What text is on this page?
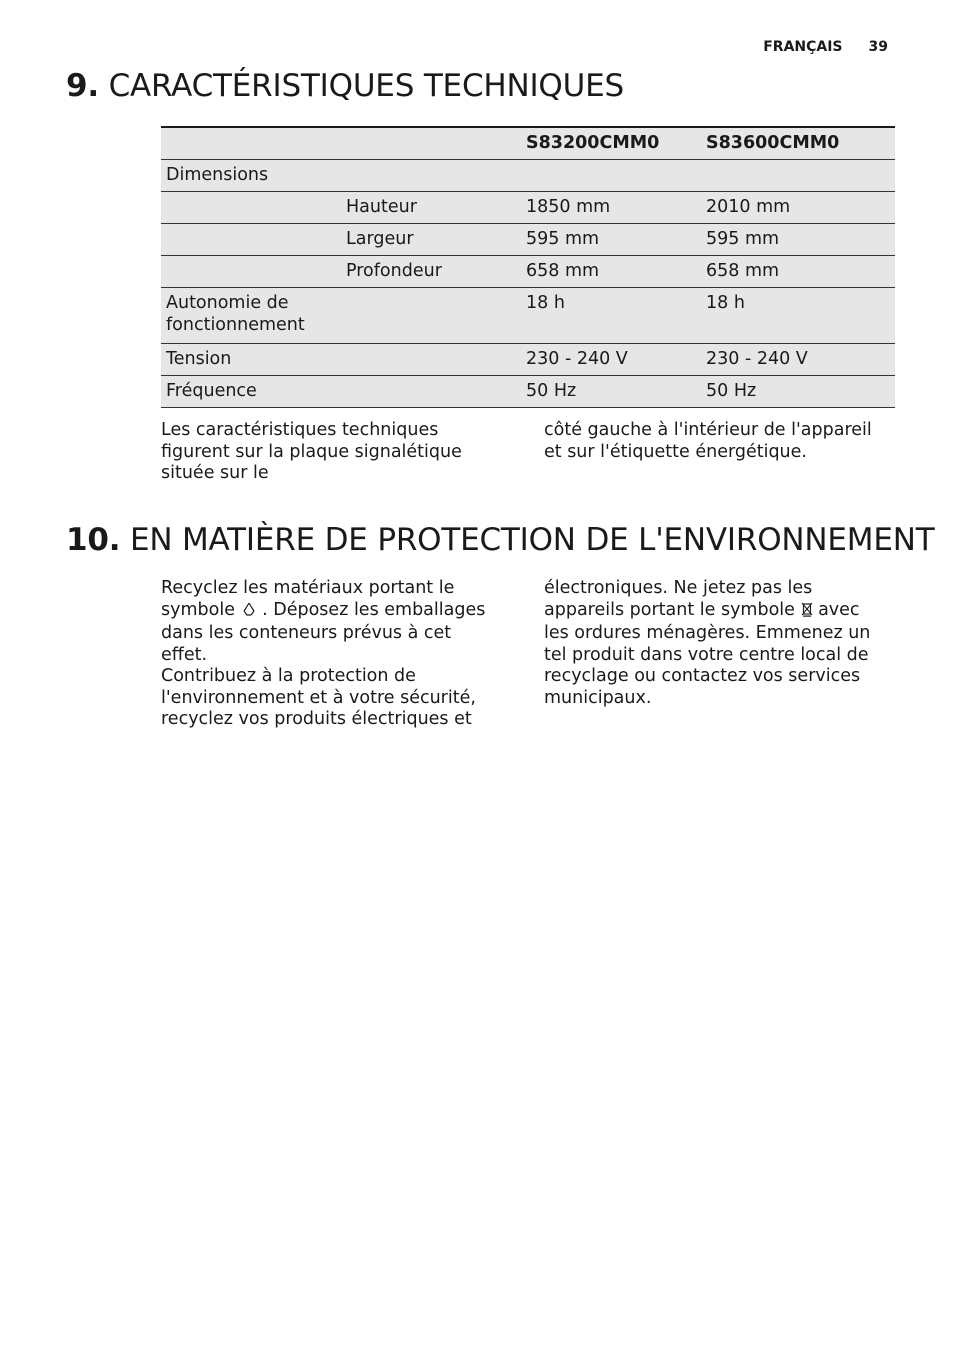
FRANÇAIS 39
9. CARACTÉRISTIQUES TECHNIQUES
		S83200CMM0	S83600CMM0
Dimensions			
	Hauteur	1850 mm	2010 mm
	Largeur	595 mm	595 mm
	Profondeur	658 mm	658 mm
Autonomie de fonctionnement		18 h	18 h
Tension		230 - 240 V	230 - 240 V
Fréquence		50 Hz	50 Hz

Les caractéristiques techniques figurent sur la plaque signalétique située sur le

côté gauche à l'intérieur de l'appareil et sur l'étiquette énergétique.

10. EN MATIÈRE DE PROTECTION DE L'ENVIRONNEMENT
Recyclez les matériaux portant le symbole . Déposez les emballages dans les conteneurs prévus à cet effet.
Contribuez à la protection de l'environnement et à votre sécurité, recyclez vos produits électriques et
électroniques. Ne jetez pas les appareils portant le symbole avec les ordures ménagères. Emmenez un tel produit dans votre centre local de recyclage ou contactez vos services municipaux.
